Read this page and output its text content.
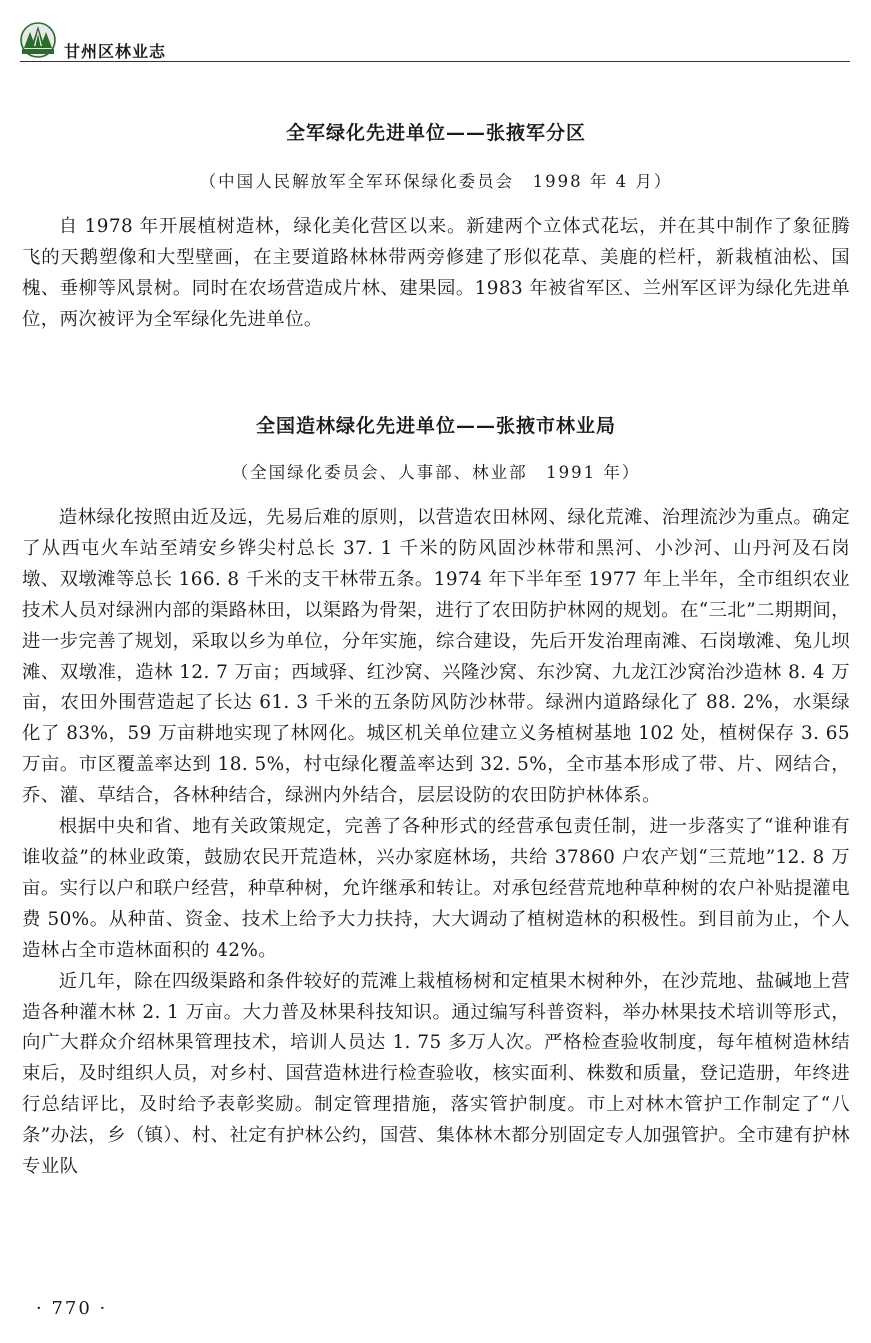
甘州区林业志
全军绿化先进单位——张掖军分区

（中国人民解放军全军环保绿化委员会　1998 年 4 月）

自 1978 年开展植树造林，绿化美化营区以来。新建两个立体式花坛，并在其中制作了象征腾飞的天鹅塑像和大型壁画，在主要道路林林带两旁修建了形似花草、美鹿的栏杆，新栽植油松、国槐、垂柳等风景树。同时在农场营造成片林、建果园。1983 年被省军区、兰州军区评为绿化先进单位，两次被评为全军绿化先进单位。

全国造林绿化先进单位——张掖市林业局

（全国绿化委员会、人事部、林业部　1991 年）

造林绿化按照由近及远，先易后难的原则，以营造农田林网、绿化荒滩、治理流沙为重点。确定了从西屯火车站至靖安乡铧尖村总长 37. 1 千米的防风固沙林带和黑河、小沙河、山丹河及石岗墩、双墩滩等总长 166. 8 千米的支干林带五条。1974 年下半年至 1977 年上半年，全市组织农业技术人员对绿洲内部的渠路林田，以渠路为骨架，进行了农田防护林网的规划。在“三北”二期期间，进一步完善了规划，采取以乡为单位，分年实施，综合建设，先后开发治理南滩、石岗墩滩、兔儿坝滩、双墩准，造林 12. 7 万亩；西域驿、红沙窝、兴隆沙窝、东沙窝、九龙江沙窝治沙造林 8. 4 万亩，农田外围营造起了长达 61. 3 千米的五条防风防沙林带。绿洲内道路绿化了 88. 2%，水渠绿化了 83%，59 万亩耕地实现了林网化。城区机关单位建立义务植树基地 102 处，植树保存 3. 65 万亩。市区覆盖率达到 18. 5%，村屯绿化覆盖率达到 32. 5%，全市基本形成了带、片、网结合，乔、灌、草结合，各林种结合，绿洲内外结合，层层设防的农田防护林体系。

根据中央和省、地有关政策规定，完善了各种形式的经营承包责任制，进一步落实了“谁种谁有谁收益”的林业政策，鼓励农民开荒造林，兴办家庭林场，共给 37860 户农产划“三荒地”12. 8 万亩。实行以户和联户经营，种草种树，允许继承和转让。对承包经营荒地种草种树的农户补贴提灌电费 50%。从种苗、资金、技术上给予大力扶持，大大调动了植树造林的积极性。到目前为止，个人造林占全市造林面积的 42%。

近几年，除在四级渠路和条件较好的荒滩上栽植杨树和定植果木树种外，在沙荒地、盐碱地上营造各种灌木林 2. 1 万亩。大力普及林果科技知识。通过编写科普资料，举办林果技术培训等形式，向广大群众介绍林果管理技术，培训人员达 1. 75 多万人次。严格检查验收制度，每年植树造林结束后，及时组织人员，对乡村、国营造林进行检查验收，核实面利、株数和质量，登记造册，年终进行总结评比，及时给予表彰奖励。制定管理措施，落实管护制度。市上对林木管护工作制定了“八条”办法，乡（镇）、村、社定有护林公约，国营、集体林木都分别固定专人加强管护。全市建有护林专业队

· 770 ·
